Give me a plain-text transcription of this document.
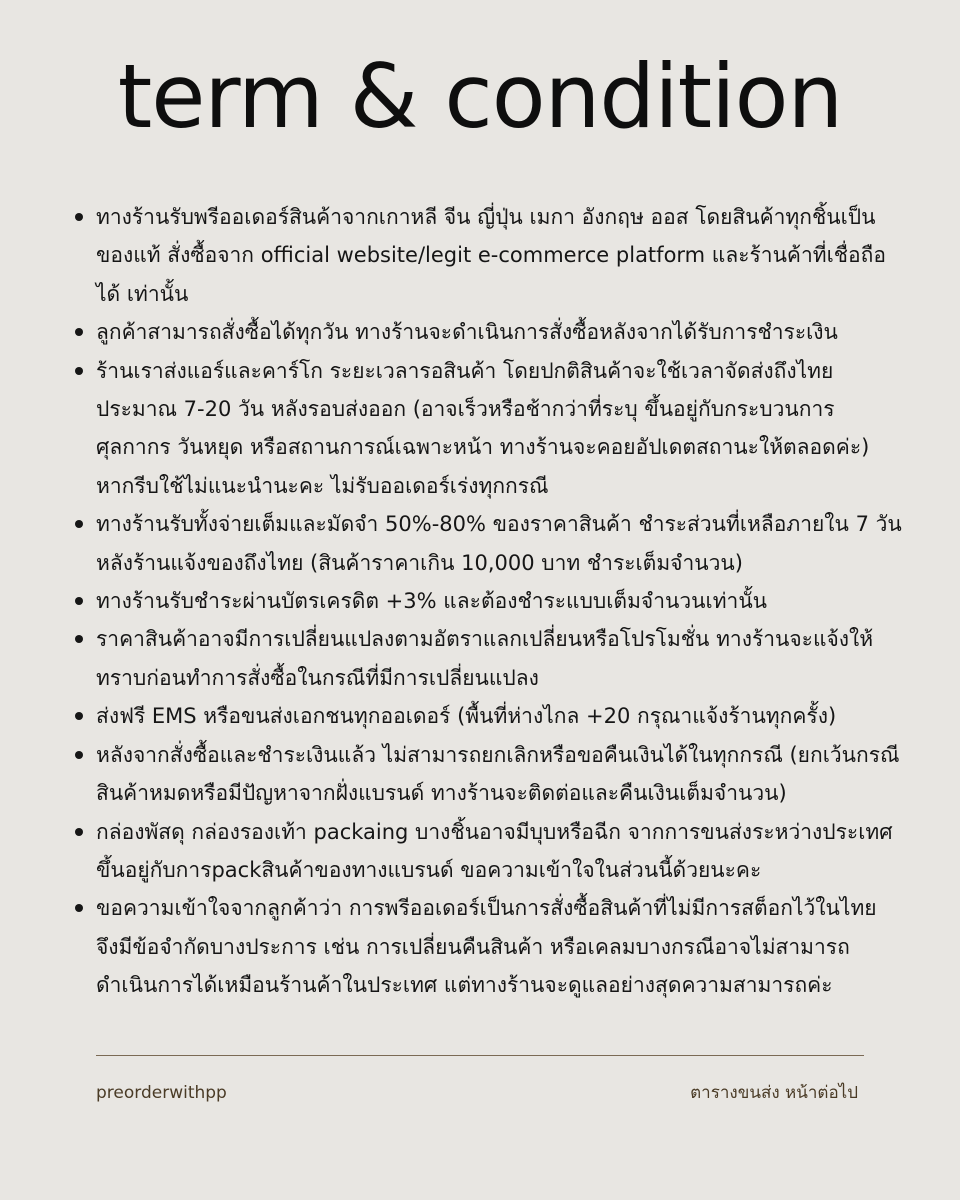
term & condition
ทางร้านรับพรีออเดอร์สินค้าจากเกาหลี จีน ญี่ปุ่น เมกา อังกฤษ ออส โดยสินค้าทุกชิ้นเป็นของแท้ สั่งซื้อจาก official website/legit e-commerce platform และร้านค้าที่เชื่อถือได้ เท่านั้น
ลูกค้าสามารถสั่งซื้อได้ทุกวัน ทางร้านจะดำเนินการสั่งซื้อหลังจากได้รับการชำระเงิน
ร้านเราส่งแอร์และคาร์โก ระยะเวลารอสินค้า โดยปกติสินค้าจะใช้เวลาจัดส่งถึงไทย ประมาณ 7-20 วัน หลังรอบส่งออก (อาจเร็วหรือช้ากว่าที่ระบุ ขึ้นอยู่กับกระบวนการศุลกากร วันหยุด หรือสถานการณ์เฉพาะหน้า ทางร้านจะคอยอัปเดตสถานะให้ตลอดค่ะ) หากรีบใช้ไม่แนะนำนะคะ ไม่รับออเดอร์เร่งทุกกรณี
ทางร้านรับทั้งจ่ายเต็มและมัดจำ 50%-80% ของราคาสินค้า ชำระส่วนที่เหลือภายใน 7 วัน หลังร้านแจ้งของถึงไทย (สินค้าราคาเกิน 10,000 บาท ชำระเต็มจำนวน)
ทางร้านรับชำระผ่านบัตรเครดิต +3% และต้องชำระแบบเต็มจำนวนเท่านั้น
ราคาสินค้าอาจมีการเปลี่ยนแปลงตามอัตราแลกเปลี่ยนหรือโปรโมชั่น ทางร้านจะแจ้งให้ทราบก่อนทำการสั่งซื้อในกรณีที่มีการเปลี่ยนแปลง
ส่งฟรี EMS หรือขนส่งเอกชนทุกออเดอร์ (พื้นที่ห่างไกล +20 กรุณาแจ้งร้านทุกครั้ง)
หลังจากสั่งซื้อและชำระเงินแล้ว ไม่สามารถยกเลิกหรือขอคืนเงินได้ในทุกกรณี (ยกเว้นกรณีสินค้าหมดหรือมีปัญหาจากฝั่งแบรนด์ ทางร้านจะติดต่อและคืนเงินเต็มจำนวน)
กล่องพัสดุ กล่องรองเท้า packaing บางชิ้นอาจมีบุบหรือฉีก จากการขนส่งระหว่างประเทศ ขึ้นอยู่กับการpackสินค้าของทางแบรนด์ ขอความเข้าใจในส่วนนี้ด้วยนะคะ
ขอความเข้าใจจากลูกค้าว่า การพรีออเดอร์เป็นการสั่งซื้อสินค้าที่ไม่มีการสต็อกไว้ในไทย จึงมีข้อจำกัดบางประการ เช่น การเปลี่ยนคืนสินค้า หรือเคลมบางกรณีอาจไม่สามารถดำเนินการได้เหมือนร้านค้าในประเทศ แต่ทางร้านจะดูแลอย่างสุดความสามารถค่ะ
preorderwithpp	ตารางขนส่ง หน้าต่อไป
